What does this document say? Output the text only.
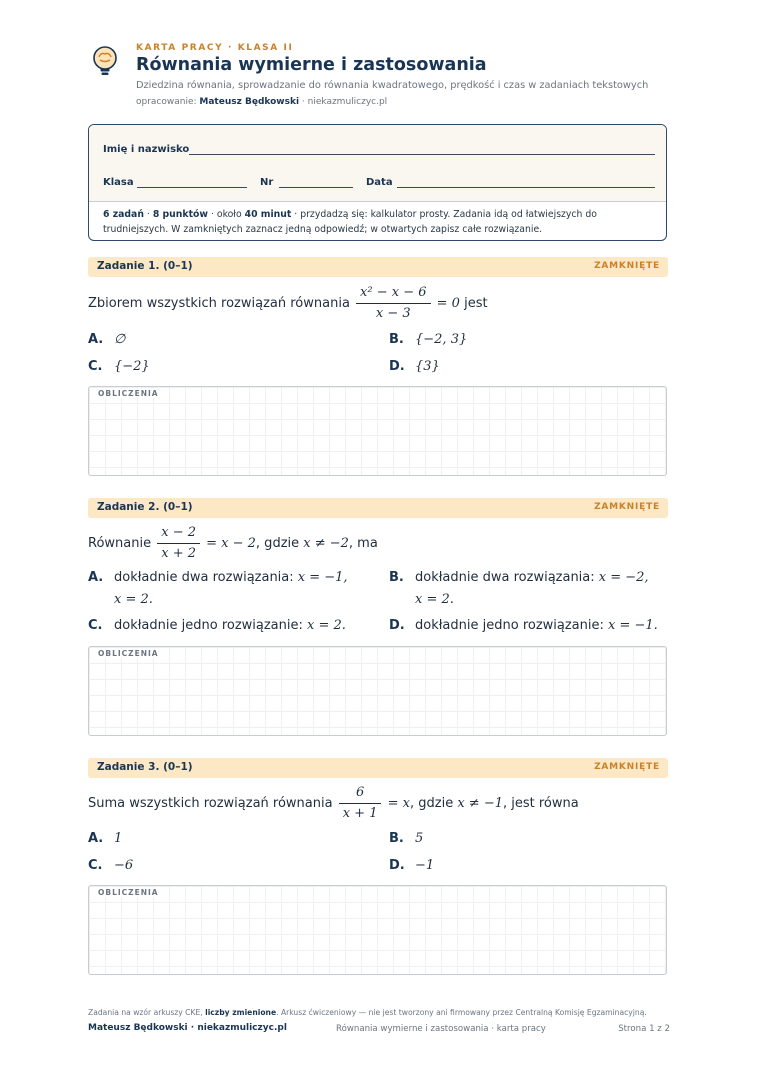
KARTA PRACY · KLASA II
Równania wymierne i zastosowania
Dziedzina równania, sprowadzanie do równania kwadratowego, prędkość i czas w zadaniach tekstowych
opracowanie: Mateusz Będkowski · niekazmuliczyc.pl
Imię i nazwisko
Klasa	Nr	Data
6 zadań · 8 punktów · około 40 minut · przydadzą się: kalkulator prosty. Zadania idą od łatwiejszych do trudniejszych. W zamkniętych zaznacz jedną odpowiedź; w otwartych zapisz całe rozwiązanie.
Zadanie 1. (0–1)	ZAMKNIĘTE
Zbiorem wszystkich rozwiązań równania $\frac{\text{x² − x − 6}}{x - 3} = 0$ jest
A. ∅	B. {−2, 3}
C. {−2}	D. {3}
OBLICZENIA
Zadanie 2. (0–1)	ZAMKNIĘTE
Równanie $\frac{x - 2}{x + 2} = x - 2$, gdzie x ≠ −2, ma
A. dokładnie dwa rozwiązania: x = −1,
x = 2.
B. dokładnie dwa rozwiązania: x = −2,
x = 2.
C. dokładnie jedno rozwiązanie: x = 2.	D. dokładnie jedno rozwiązanie: x = −1.
OBLICZENIA
Zadanie 3. (0–1)	ZAMKNIĘTE
Suma wszystkich rozwiązań równania $\frac{6}{x + 1} = x$, gdzie x ≠ −1, jest równa
A. 1	B. 5
C. −6	D. −1
OBLICZENIA
Zadania na wzór arkuszy CKE, liczby zmienione. Arkusz ćwiczeniowy — nie jest tworzony ani firmowany przez Centralną Komisję Egzaminacyjną.
Mateusz Będkowski · niekazmuliczyc.pl	Równania wymierne i zastosowania · karta pracy	Strona 1 z 2
